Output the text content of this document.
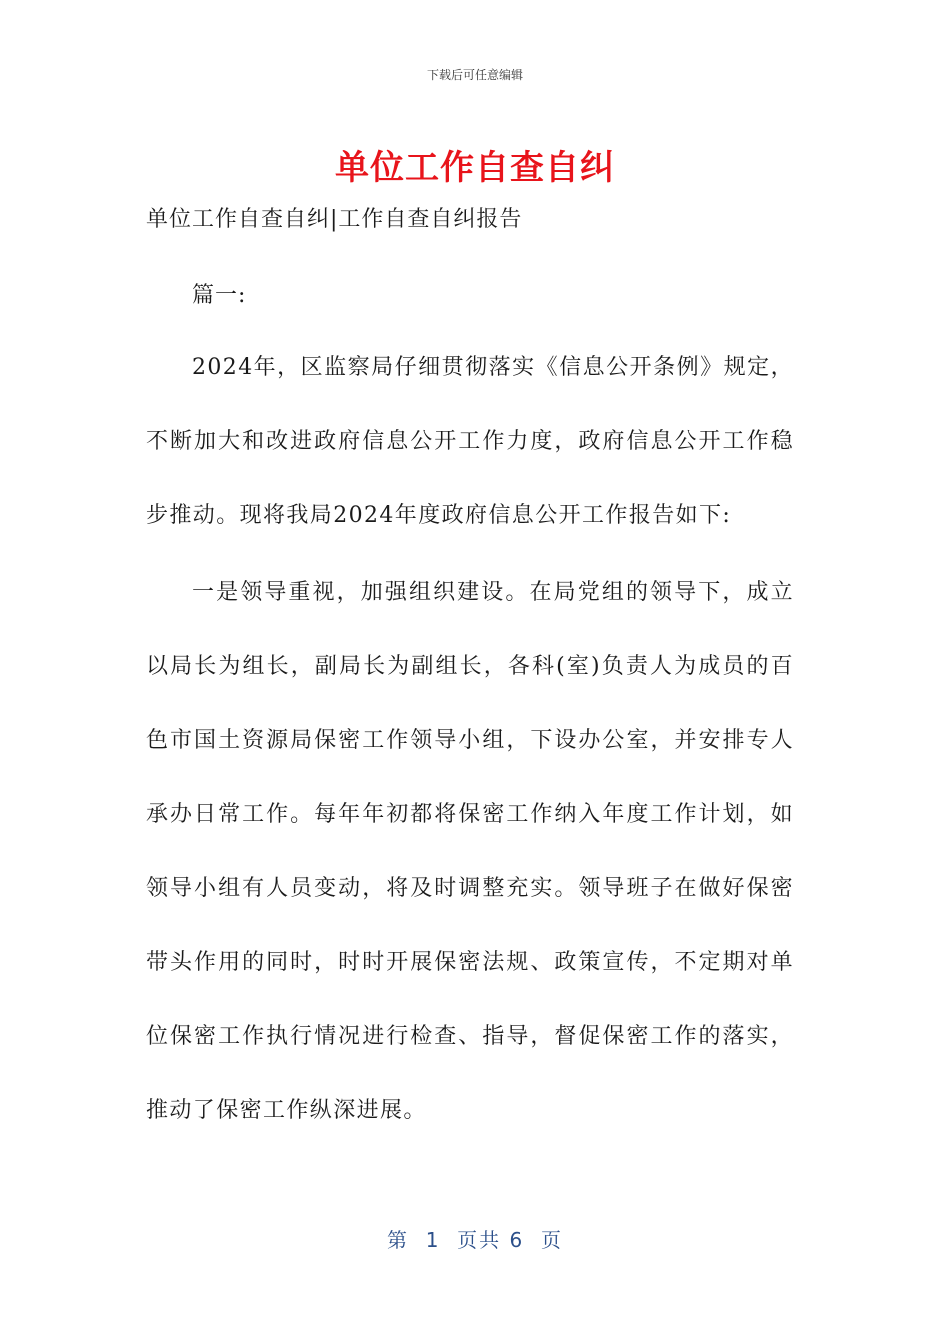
下载后可任意编辑
单位工作自查自纠
单位工作自查自纠|工作自查自纠报告
篇一:

2024年，区监察局仔细贯彻落实《信息公开条例》规定，不断加大和改进政府信息公开工作力度，政府信息公开工作稳步推动。现将我局2024年度政府信息公开工作报告如下:

一是领导重视，加强组织建设。在局党组的领导下，成立以局长为组长，副局长为副组长，各科(室)负责人为成员的百色市国土资源局保密工作领导小组，下设办公室，并安排专人承办日常工作。每年年初都将保密工作纳入年度工作计划，如领导小组有人员变动，将及时调整充实。领导班子在做好保密带头作用的同时，时时开展保密法规、政策宣传，不定期对单位保密工作执行情况进行检查、指导，督促保密工作的落实，推动了保密工作纵深进展。

第  1  页共 6  页
